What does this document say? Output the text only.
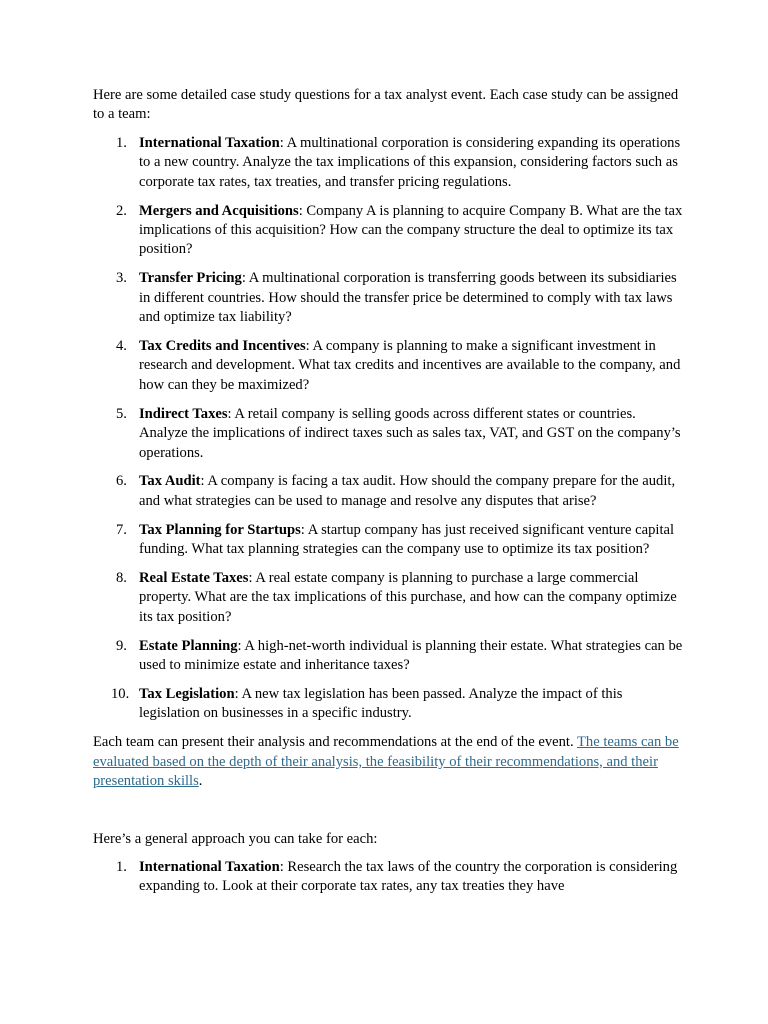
Here are some detailed case study questions for a tax analyst event. Each case study can be assigned to a team:

1. International Taxation: A multinational corporation is considering expanding its operations to a new country. Analyze the tax implications of this expansion, considering factors such as corporate tax rates, tax treaties, and transfer pricing regulations.
2. Mergers and Acquisitions: Company A is planning to acquire Company B. What are the tax implications of this acquisition? How can the company structure the deal to optimize its tax position?
3. Transfer Pricing: A multinational corporation is transferring goods between its subsidiaries in different countries. How should the transfer price be determined to comply with tax laws and optimize tax liability?
4. Tax Credits and Incentives: A company is planning to make a significant investment in research and development. What tax credits and incentives are available to the company, and how can they be maximized?
5. Indirect Taxes: A retail company is selling goods across different states or countries. Analyze the implications of indirect taxes such as sales tax, VAT, and GST on the company’s operations.
6. Tax Audit: A company is facing a tax audit. How should the company prepare for the audit, and what strategies can be used to manage and resolve any disputes that arise?
7. Tax Planning for Startups: A startup company has just received significant venture capital funding. What tax planning strategies can the company use to optimize its tax position?
8. Real Estate Taxes: A real estate company is planning to purchase a large commercial property. What are the tax implications of this purchase, and how can the company optimize its tax position?
9. Estate Planning: A high-net-worth individual is planning their estate. What strategies can be used to minimize estate and inheritance taxes?
10. Tax Legislation: A new tax legislation has been passed. Analyze the impact of this legislation on businesses in a specific industry.

Each team can present their analysis and recommendations at the end of the event. The teams can be evaluated based on the depth of their analysis, the feasibility of their recommendations, and their presentation skills.

Here’s a general approach you can take for each:

1. International Taxation: Research the tax laws of the country the corporation is considering expanding to. Look at their corporate tax rates, any tax treaties they have
